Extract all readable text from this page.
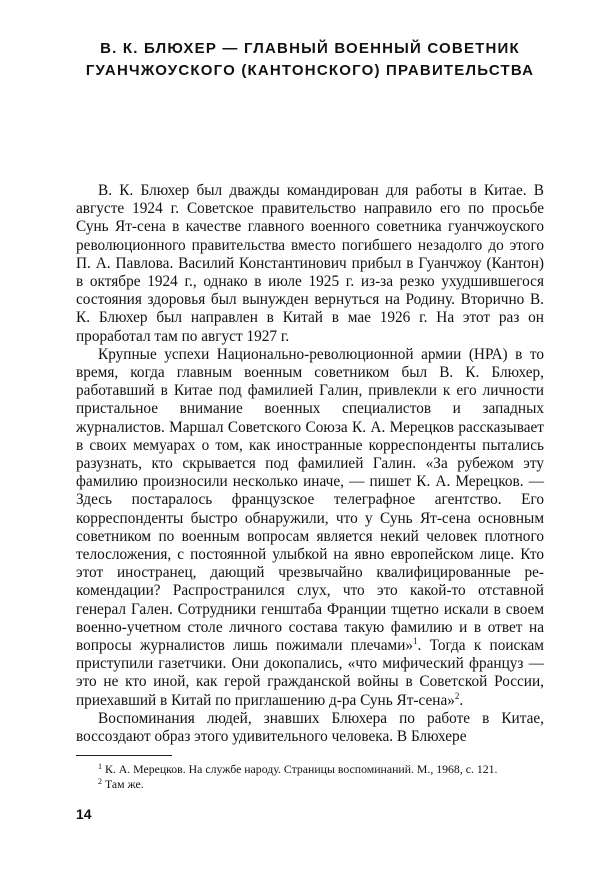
В. К. БЛЮХЕР — ГЛАВНЫЙ ВОЕННЫЙ СОВЕТНИК
ГУАНЧЖОУСКОГО (КАНТОНСКОГО) ПРАВИТЕЛЬСТВА

В. К. Блюхер был дважды командирован для работы в Китае. В августе 1924 г. Советское правительство направило его по просьбе Сунь Ят-сена в качестве главного военного советника гуанчжоуского революционного правительства вместо погибшего незадолго до этого П. А. Павлова. Василий Константинович прибыл в Гуанчжоу (Кантон) в октябре 1924 г., однако в июле 1925 г. из-за резко ухудшившегося состояния здоровья был вынужден вернуться на Родину. Вторично В. К. Блюхер был направлен в Китай в мае 1926 г. На этот раз он проработал там по август 1927 г.

Крупные успехи Национально-революционной армии (НРА) в то время, когда главным военным советником был В. К. Блюхер, работавший в Китае под фамилией Галин, привлекли к его личности пристальное внимание военных специалистов и западных журналистов. Маршал Советского Союза К. А. Мерецков рассказывает в своих мемуарах о том, как иностранные корреспонденты пытались разузнать, кто скрывается под фамилией Галин. «За рубежом эту фамилию произносили несколько иначе, — пишет К. А. Мерецков. — Здесь постаралось французское телеграфное агентство. Его корреспонденты быстро обнаружили, что у Сунь Ят-сена основным советником по военным вопросам является некий человек плотного телосложения, с постоянной улыбкой на явно европейском лице. Кто этот иностранец, дающий чрезвычайно квалифицированные рекомендации? Распространился слух, что это какой-то отставной генерал Гален. Сотрудники генштаба Франции тщетно искали в своем военно-учетном столе личного состава такую фамилию и в ответ на вопросы журналистов лишь пожимали плечами»$^1$. Тогда к поискам приступили газетчики. Они докопались, «что мифический француз — это не кто иной, как герой гражданской войны в Советской России, приехавший в Китай по приглашению д-ра Сунь Ят-сена»$^2$.

Воспоминания людей, знавших Блюхера по работе в Китае, воссоздают образ этого удивительного человека. В Блюхере

$^1$ К. А. Мерецков. На службе народу. Страницы воспоминаний. М., 1968, с. 121.

$^2$ Там же.

14
